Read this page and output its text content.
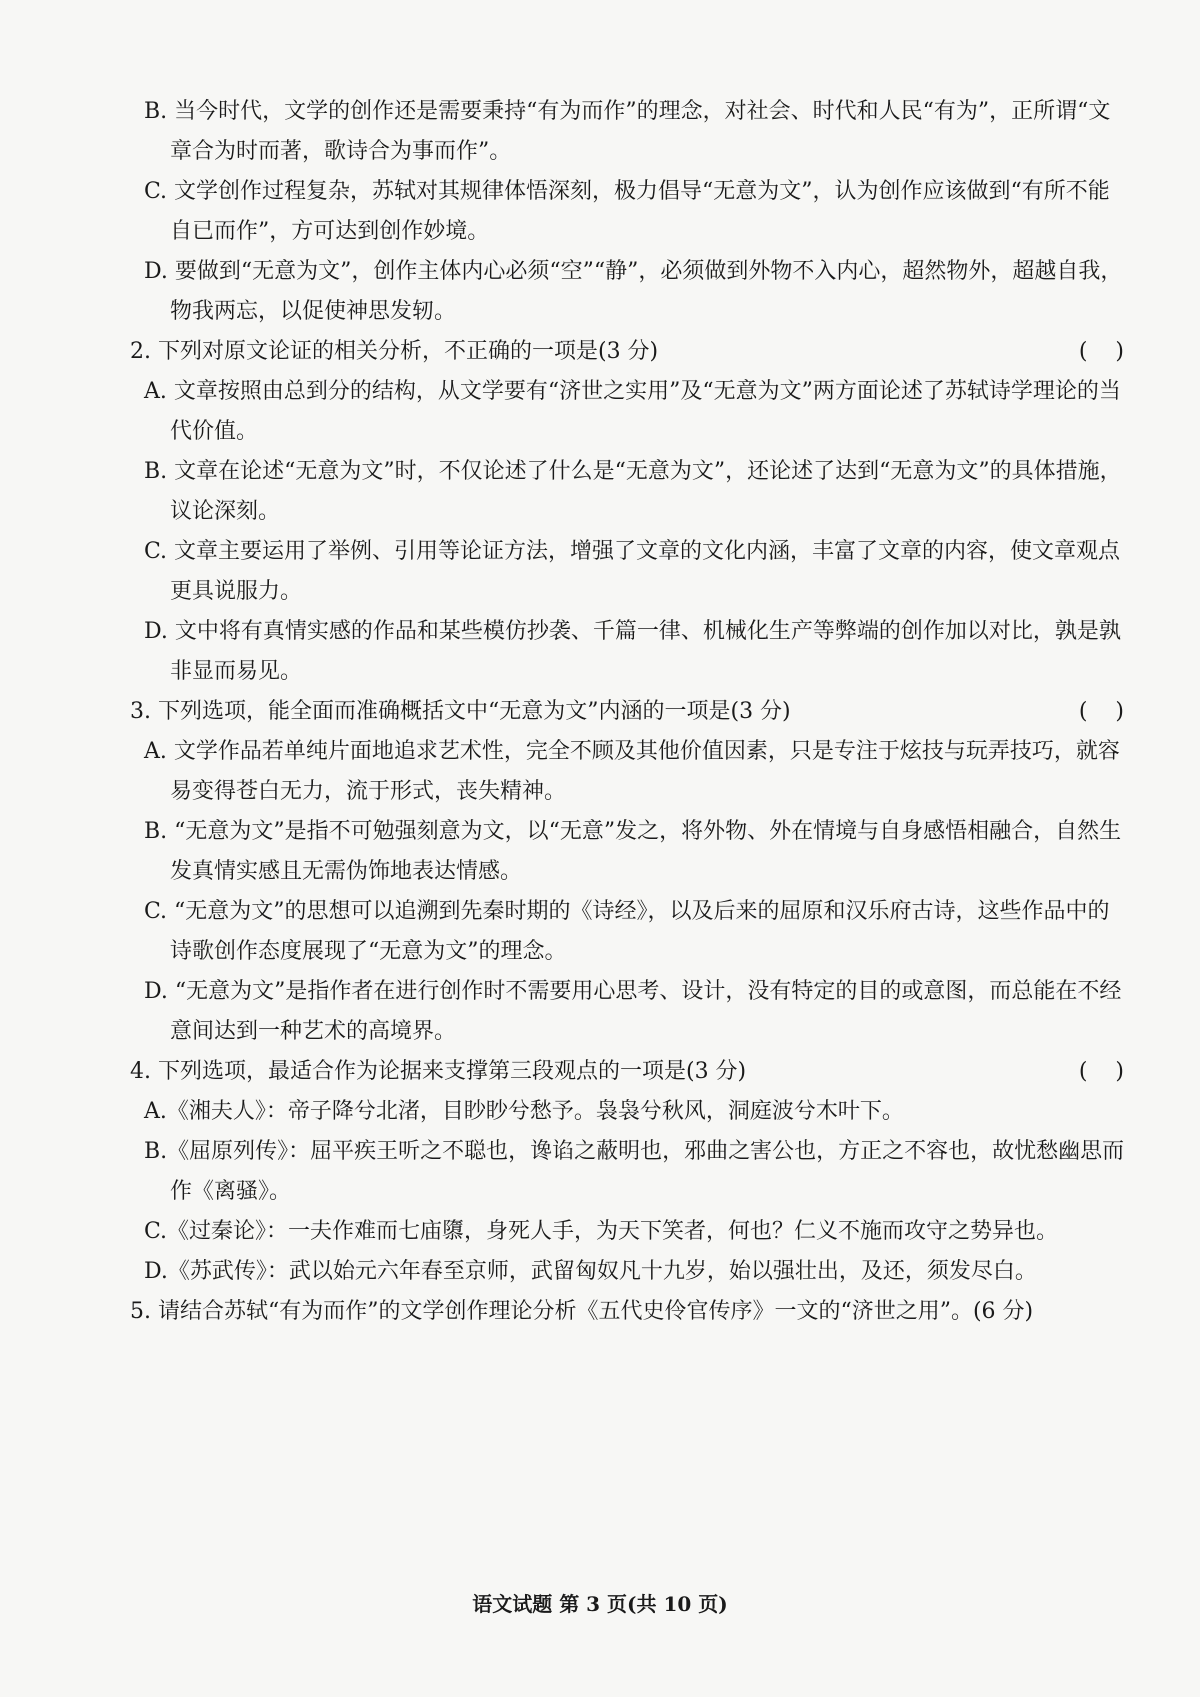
B. 当今时代，文学的创作还是需要秉持“有为而作”的理念，对社会、时代和人民“有为”，正所谓“文章合为时而著，歌诗合为事而作”。

C. 文学创作过程复杂，苏轼对其规律体悟深刻，极力倡导“无意为文”，认为创作应该做到“有所不能自已而作”，方可达到创作妙境。

D. 要做到“无意为文”，创作主体内心必须“空”“静”，必须做到外物不入内心，超然物外，超越自我，物我两忘，以促使神思发轫。

2. 下列对原文论证的相关分析，不正确的一项是(3 分)	(    )

A. 文章按照由总到分的结构，从文学要有“济世之实用”及“无意为文”两方面论述了苏轼诗学理论的当代价值。

B. 文章在论述“无意为文”时，不仅论述了什么是“无意为文”，还论述了达到“无意为文”的具体措施，议论深刻。

C. 文章主要运用了举例、引用等论证方法，增强了文章的文化内涵，丰富了文章的内容，使文章观点更具说服力。

D. 文中将有真情实感的作品和某些模仿抄袭、千篇一律、机械化生产等弊端的创作加以对比，孰是孰非显而易见。

3. 下列选项，能全面而准确概括文中“无意为文”内涵的一项是(3 分)	(    )

A. 文学作品若单纯片面地追求艺术性，完全不顾及其他价值因素，只是专注于炫技与玩弄技巧，就容易变得苍白无力，流于形式，丧失精神。

B. “无意为文”是指不可勉强刻意为文，以“无意”发之，将外物、外在情境与自身感悟相融合，自然生发真情实感且无需伪饰地表达情感。

C. “无意为文”的思想可以追溯到先秦时期的《诗经》，以及后来的屈原和汉乐府古诗，这些作品中的诗歌创作态度展现了“无意为文”的理念。

D. “无意为文”是指作者在进行创作时不需要用心思考、设计，没有特定的目的或意图，而总能在不经意间达到一种艺术的高境界。

4. 下列选项，最适合作为论据来支撑第三段观点的一项是(3 分)	(    )

A.《湘夫人》：帝子降兮北渚，目眇眇兮愁予。袅袅兮秋风，洞庭波兮木叶下。

B.《屈原列传》：屈平疾王听之不聪也，谗谄之蔽明也，邪曲之害公也，方正之不容也，故忧愁幽思而作《离骚》。

C.《过秦论》：一夫作难而七庙隳，身死人手，为天下笑者，何也？仁义不施而攻守之势异也。

D.《苏武传》：武以始元六年春至京师，武留匈奴凡十九岁，始以强壮出，及还，须发尽白。

5. 请结合苏轼“有为而作”的文学创作理论分析《五代史伶官传序》一文的“济世之用”。(6 分)
语文试题 第 3 页(共 10 页)
